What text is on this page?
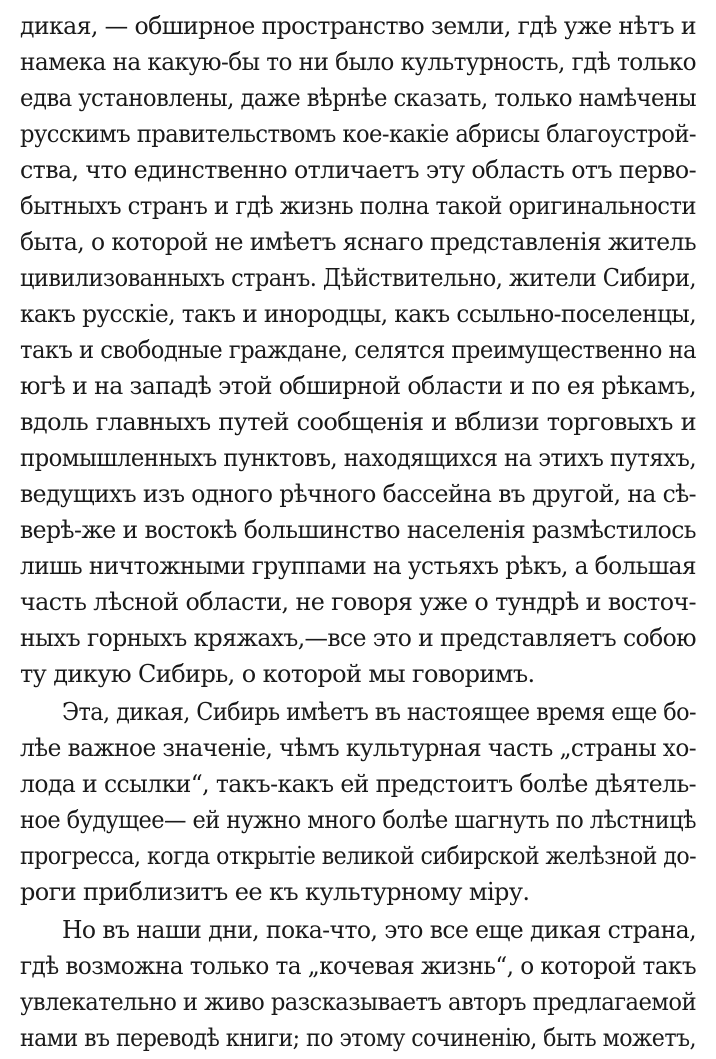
дикая, — обширное пространство земли, гдѣ уже нѣтъ и
намека на какую-бы то ни было культурность, гдѣ только
едва установлены, даже вѣрнѣе сказать, только намѣчены
русскимъ правительствомъ кое-какіе абрисы благоустрой-
ства, что единственно отличаетъ эту область отъ перво-
бытныхъ странъ и гдѣ жизнь полна такой оригинальности
быта, о которой не имѣетъ яснаго представленія житель
цивилизованныхъ странъ. Дѣйствительно, жители Сибири,
какъ русскіе, такъ и инородцы, какъ ссыльно-поселенцы,
такъ и свободные граждане, селятся преимущественно на
югѣ и на западѣ этой обширной области и по ея рѣкамъ,
вдоль главныхъ путей сообщенія и вблизи торговыхъ и
промышленныхъ пунктовъ, находящихся на этихъ путяхъ,
ведущихъ изъ одного рѣчного бассейна въ другой, на сѣ-
верѣ-же и востокѣ большинство населенія размѣстилось
лишь ничтожными группами на устьяхъ рѣкъ, а большая
часть лѣсной области, не говоря уже о тундрѣ и восточ-
ныхъ горныхъ кряжахъ,—все это и представляетъ собою
ту дикую Сибирь, о которой мы говоримъ.
Эта, дикая, Сибирь имѣетъ въ настоящее время еще бо-
лѣе важное значеніе, чѣмъ культурная часть „страны хо-
лода и ссылки“, такъ-какъ ей предстоитъ болѣе дѣятель-
ное будущее— ей нужно много болѣе шагнуть по лѣстницѣ
прогресса, когда открытіе великой сибирской желѣзной до-
роги приблизитъ ее къ культурному міру.
Но въ наши дни, пока-что, это все еще дикая страна,
гдѣ возможна только та „кочевая жизнь“, о которой такъ
увлекательно и живо разсказываетъ авторъ предлагаемой
нами въ переводѣ книги; по этому сочиненію, быть можетъ,
